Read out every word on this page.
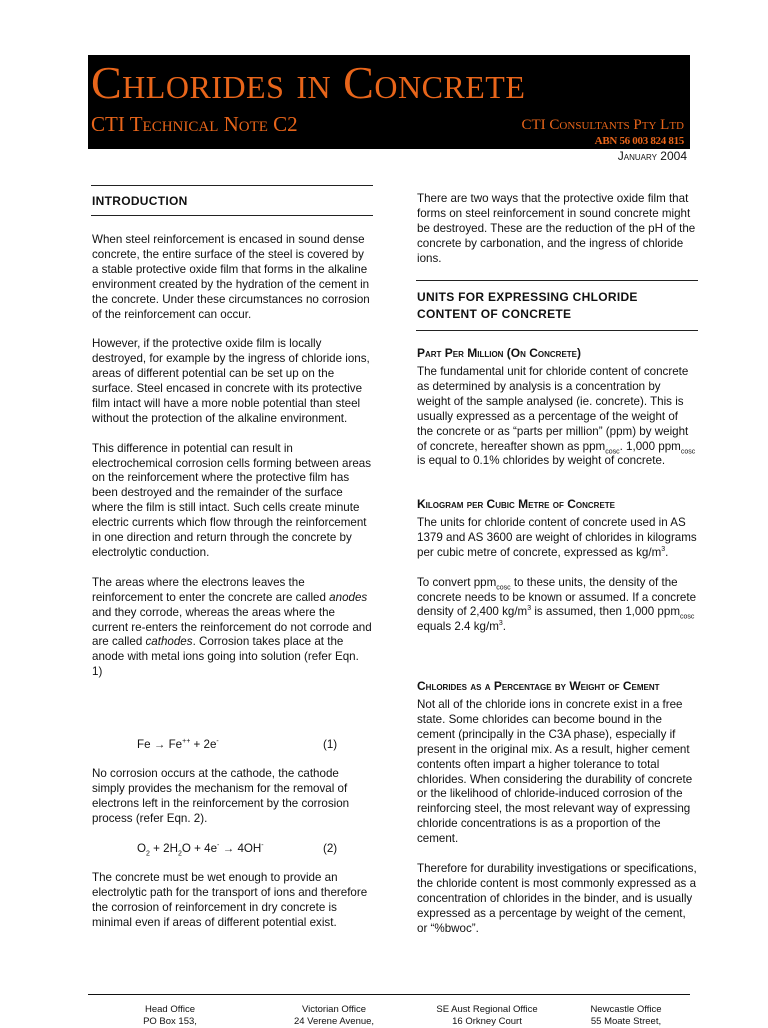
Chlorides in Concrete
CTI Technical Note C2	CTI Consultants Pty Ltd
ABN 56 003 824 815
January 2004
INTRODUCTION

When steel reinforcement is encased in sound dense concrete, the entire surface of the steel is covered by a stable protective oxide film that forms in the alkaline environment created by the hydration of the cement in the concrete. Under these circumstances no corrosion of the reinforcement can occur.

However, if the protective oxide film is locally destroyed, for example by the ingress of chloride ions, areas of different potential can be set up on the surface. Steel encased in concrete with its protective film intact will have a more noble potential than steel without the protection of the alkaline environment.

This difference in potential can result in electrochemical corrosion cells forming between areas on the reinforcement where the protective film has been destroyed and the remainder of the surface where the film is still intact. Such cells create minute electric currents which flow through the reinforcement in one direction and return through the concrete by electrolytic conduction.

The areas where the electrons leaves the reinforcement to enter the concrete are called anodes and they corrode, whereas the areas where the current re-enters the reinforcement do not corrode and are called cathodes. Corrosion takes place at the anode with metal ions going into solution (refer Eqn. 1)

Fe → Fe++ + 2e-	(1)

No corrosion occurs at the cathode, the cathode simply provides the mechanism for the removal of electrons left in the reinforcement by the corrosion process (refer Eqn. 2).

$O_2 + 2H_2O + 4e^- \to 4OH^-$	(2)

The concrete must be wet enough to provide an electrolytic path for the transport of ions and therefore the corrosion of reinforcement in dry concrete is minimal even if areas of different potential exist.

There are two ways that the protective oxide film that forms on steel reinforcement in sound concrete might be destroyed. These are the reduction of the pH of the concrete by carbonation, and the ingress of chloride ions.

UNITS FOR EXPRESSING CHLORIDE
CONTENT OF CONCRETE
Part Per Million (On Concrete)

The fundamental unit for chloride content of concrete as determined by analysis is a concentration by weight of the sample analysed (ie. concrete). This is usually expressed as a percentage of the weight of the concrete or as “parts per million” (ppm) by weight of concrete, hereafter shown as ppm$_{cosc}$. 1,000 ppm$_{cosc}$ is equal to 0.1% chlorides by weight of concrete.

Kilogram per Cubic Metre of Concrete

The units for chloride content of concrete used in AS 1379 and AS 3600 are weight of chlorides in kilograms per cubic metre of concrete, expressed as $kg/m^3$.

To convert ppm$_{cosc}$ to these units, the density of the concrete needs to be known or assumed. If a concrete density of 2,400 $kg/m^3$ is assumed, then 1,000 ppm$_{cosc}$ equals 2.4 $kg/m^3$.

Chlorides as a Percentage by Weight of Cement

Not all of the chloride ions in concrete exist in a free state. Some chlorides can become bound in the cement (principally in the C3A phase), especially if present in the original mix. As a result, higher cement contents often impart a higher tolerance to total chlorides. When considering the durability of concrete or the likelihood of chloride-induced corrosion of the reinforcing steel, the most relevant way of expressing chloride concentrations is as a proportion of the cement.

Therefore for durability investigations or specifications, the chloride content is most commonly expressed as a concentration of chlorides in the binder, and is usually expressed as a percentage by weight of the cement, or “%bwoc”.

Head Office
PO Box 153,
Victorian Office
24 Verene Avenue,
SE Aust Regional Office
16 Orkney Court
Newcastle Office
55 Moate Street,
